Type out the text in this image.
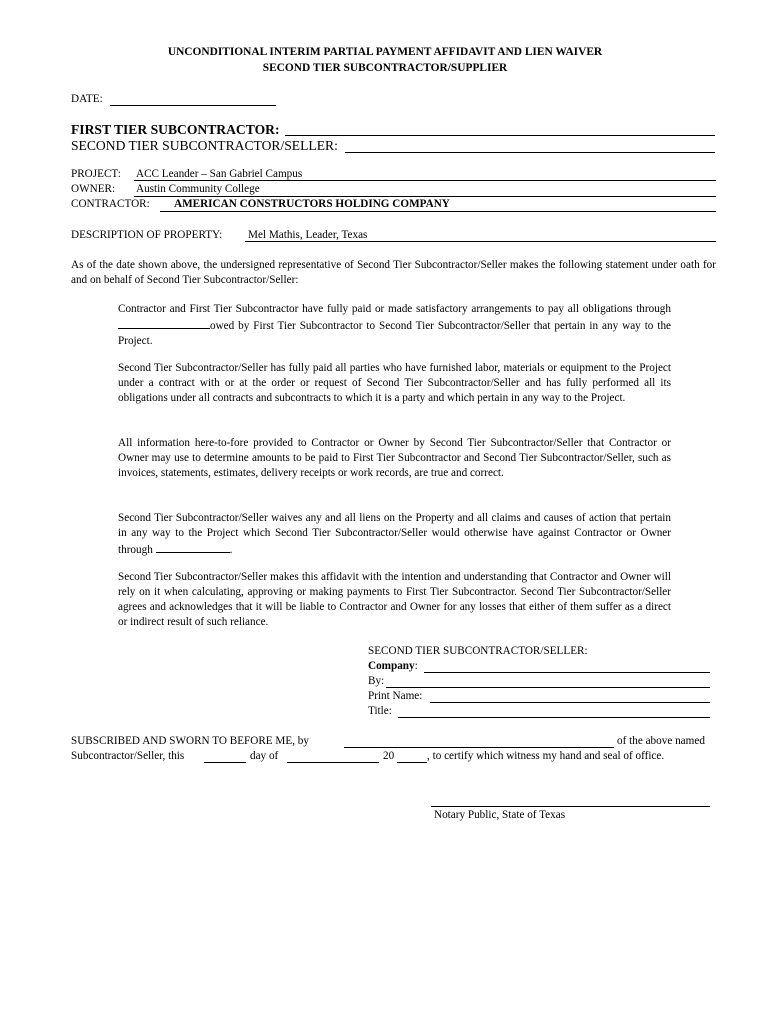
UNCONDITIONAL INTERIM PARTIAL PAYMENT AFFIDAVIT AND LIEN WAIVER
SECOND TIER SUBCONTRACTOR/SUPPLIER
DATE:
FIRST TIER SUBCONTRACTOR:
SECOND TIER SUBCONTRACTOR/SELLER:
PROJECT: ACC Leander – San Gabriel Campus
OWNER: Austin Community College
CONTRACTOR: AMERICAN CONSTRUCTORS HOLDING COMPANY
DESCRIPTION OF PROPERTY: Mel Mathis, Leader, Texas
As of the date shown above, the undersigned representative of Second Tier Subcontractor/Seller makes the following statement under oath for and on behalf of Second Tier Subcontractor/Seller:
Contractor and First Tier Subcontractor have fully paid or made satisfactory arrangements to pay all obligations through owed by First Tier Subcontractor to Second Tier Subcontractor/Seller that pertain in any way to the Project.
Second Tier Subcontractor/Seller has fully paid all parties who have furnished labor, materials or equipment to the Project under a contract with or at the order or request of Second Tier Subcontractor/Seller and has fully performed all its obligations under all contracts and subcontracts to which it is a party and which pertain in any way to the Project.
All information here-to-fore provided to Contractor or Owner by Second Tier Subcontractor/Seller that Contractor or Owner may use to determine amounts to be paid to First Tier Subcontractor and Second Tier Subcontractor/Seller, such as invoices, statements, estimates, delivery receipts or work records, are true and correct.
Second Tier Subcontractor/Seller waives any and all liens on the Property and all claims and causes of action that pertain in any way to the Project which Second Tier Subcontractor/Seller would otherwise have against Contractor or Owner through	.
Second Tier Subcontractor/Seller makes this affidavit with the intention and understanding that Contractor and Owner will rely on it when calculating, approving or making payments to First Tier Subcontractor. Second Tier Subcontractor/Seller agrees and acknowledges that it will be liable to Contractor and Owner for any losses that either of them suffer as a direct or indirect result of such reliance.
SECOND TIER SUBCONTRACTOR/SELLER:
Company:
By:
Print Name:
Title:
SUBSCRIBED AND SWORN TO BEFORE ME, by	of the above named
Subcontractor/Seller, this	day of	20	, to certify which witness my hand and seal of office.
Notary Public, State of Texas
